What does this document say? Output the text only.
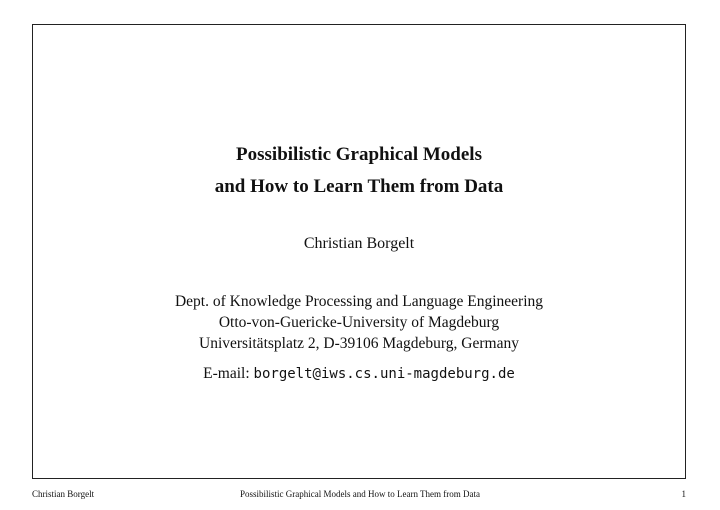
Possibilistic Graphical Models
and How to Learn Them from Data
Christian Borgelt
Dept. of Knowledge Processing and Language Engineering
Otto-von-Guericke-University of Magdeburg
Universitätsplatz 2, D-39106 Magdeburg, Germany
E-mail: borgelt@iws.cs.uni-magdeburg.de
Christian Borgelt	Possibilistic Graphical Models and How to Learn Them from Data	1
